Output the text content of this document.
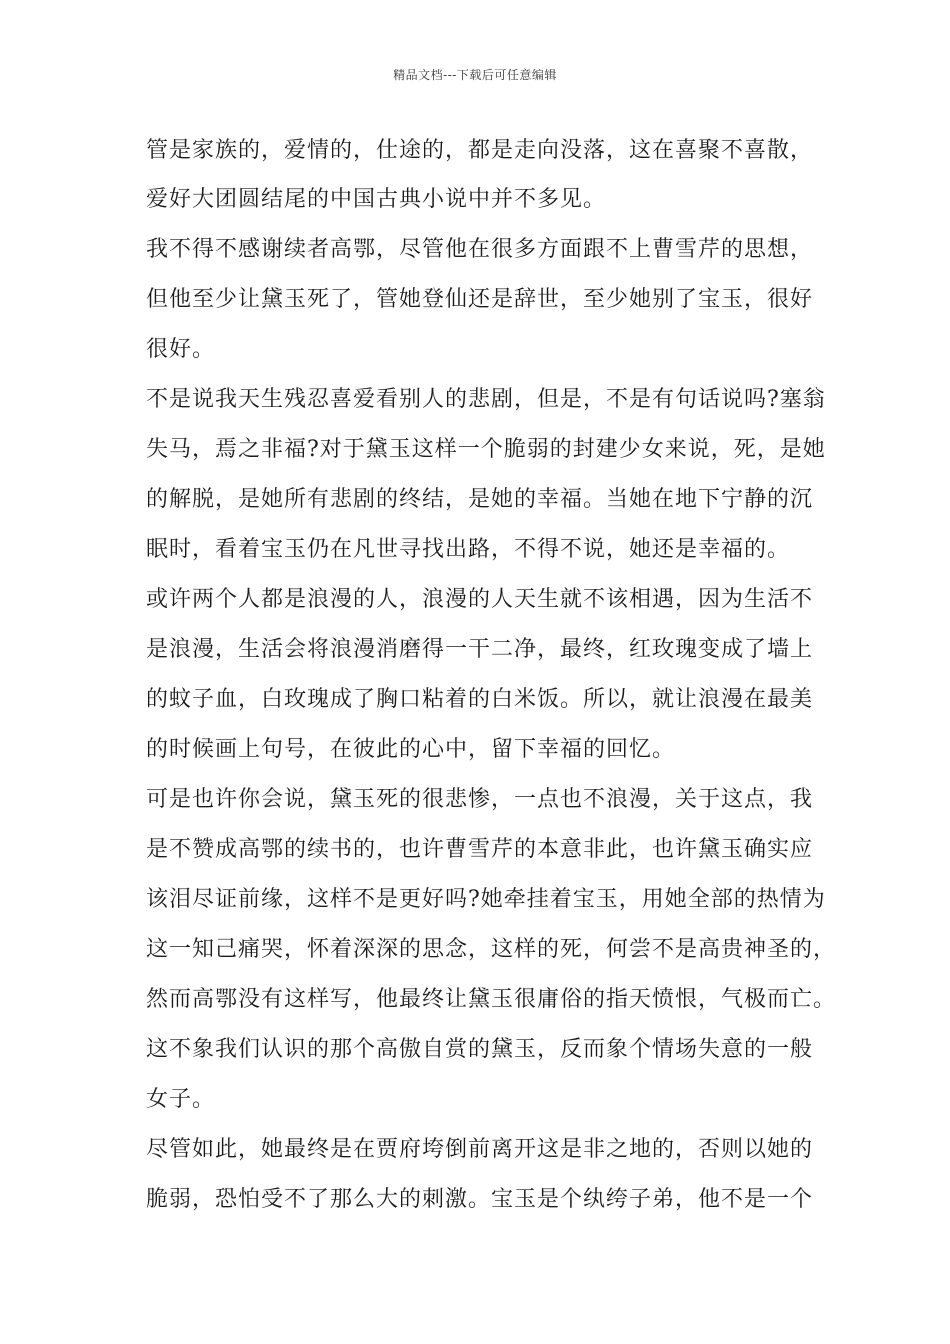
精品文档---下载后可任意编辑
管是家族的，爱情的，仕途的，都是走向没落，这在喜聚不喜散，
爱好大团圆结尾的中国古典小说中并不多见。
我不得不感谢续者高鄂，尽管他在很多方面跟不上曹雪芹的思想，
但他至少让黛玉死了，管她登仙还是辞世，至少她别了宝玉，很好
很好。
不是说我天生残忍喜爱看别人的悲剧，但是，不是有句话说吗?塞翁
失马，焉之非福?对于黛玉这样一个脆弱的封建少女来说，死，是她
的解脱，是她所有悲剧的终结，是她的幸福。当她在地下宁静的沉
眠时，看着宝玉仍在凡世寻找出路，不得不说，她还是幸福的。
或许两个人都是浪漫的人，浪漫的人天生就不该相遇，因为生活不
是浪漫，生活会将浪漫消磨得一干二净，最终，红玫瑰变成了墙上
的蚊子血，白玫瑰成了胸口粘着的白米饭。所以，就让浪漫在最美
的时候画上句号，在彼此的心中，留下幸福的回忆。
可是也许你会说，黛玉死的很悲惨，一点也不浪漫，关于这点，我
是不赞成高鄂的续书的，也许曹雪芹的本意非此，也许黛玉确实应
该泪尽证前缘，这样不是更好吗?她牵挂着宝玉，用她全部的热情为
这一知己痛哭，怀着深深的思念，这样的死，何尝不是高贵神圣的，
然而高鄂没有这样写，他最终让黛玉很庸俗的指天愤恨，气极而亡。
这不象我们认识的那个高傲自赏的黛玉，反而象个情场失意的一般
女子。
尽管如此，她最终是在贾府垮倒前离开这是非之地的，否则以她的
脆弱，恐怕受不了那么大的刺激。宝玉是个纨绔子弟，他不是一个
